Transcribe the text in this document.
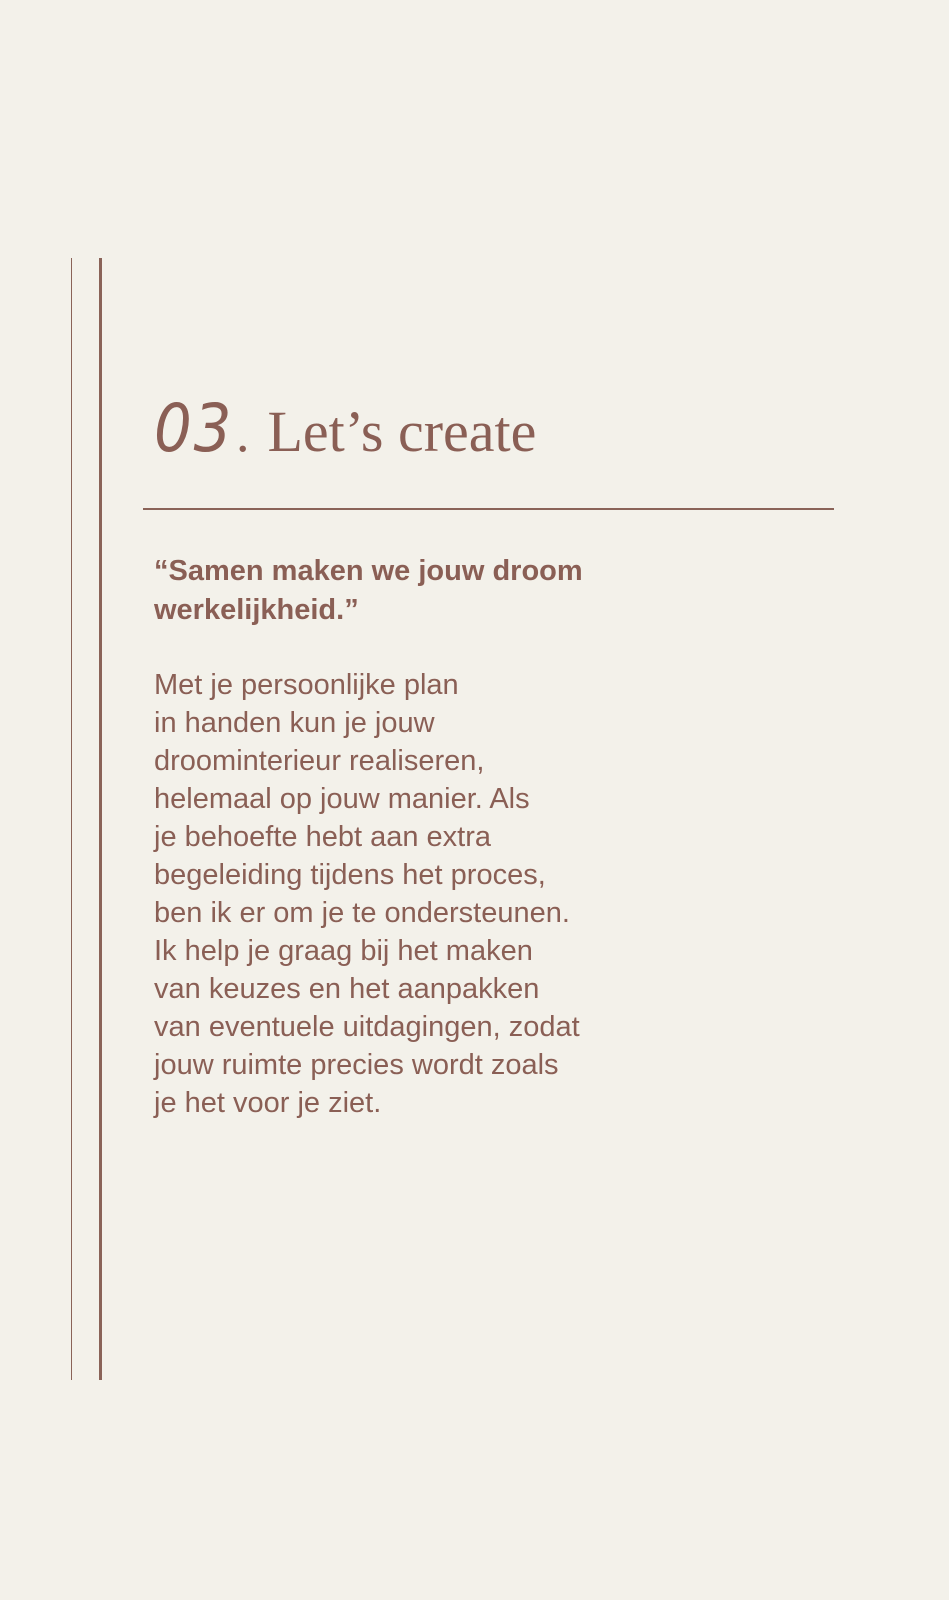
03. Let’s create
“Samen maken we jouw droom werkelijkheid.”
Met je persoonlijke plan
in handen kun je jouw
droominterieur realiseren,
helemaal op jouw manier. Als
je behoefte hebt aan extra
begeleiding tijdens het proces,
ben ik er om je te ondersteunen.
Ik help je graag bij het maken
van keuzes en het aanpakken
van eventuele uitdagingen, zodat
jouw ruimte precies wordt zoals
je het voor je ziet.
